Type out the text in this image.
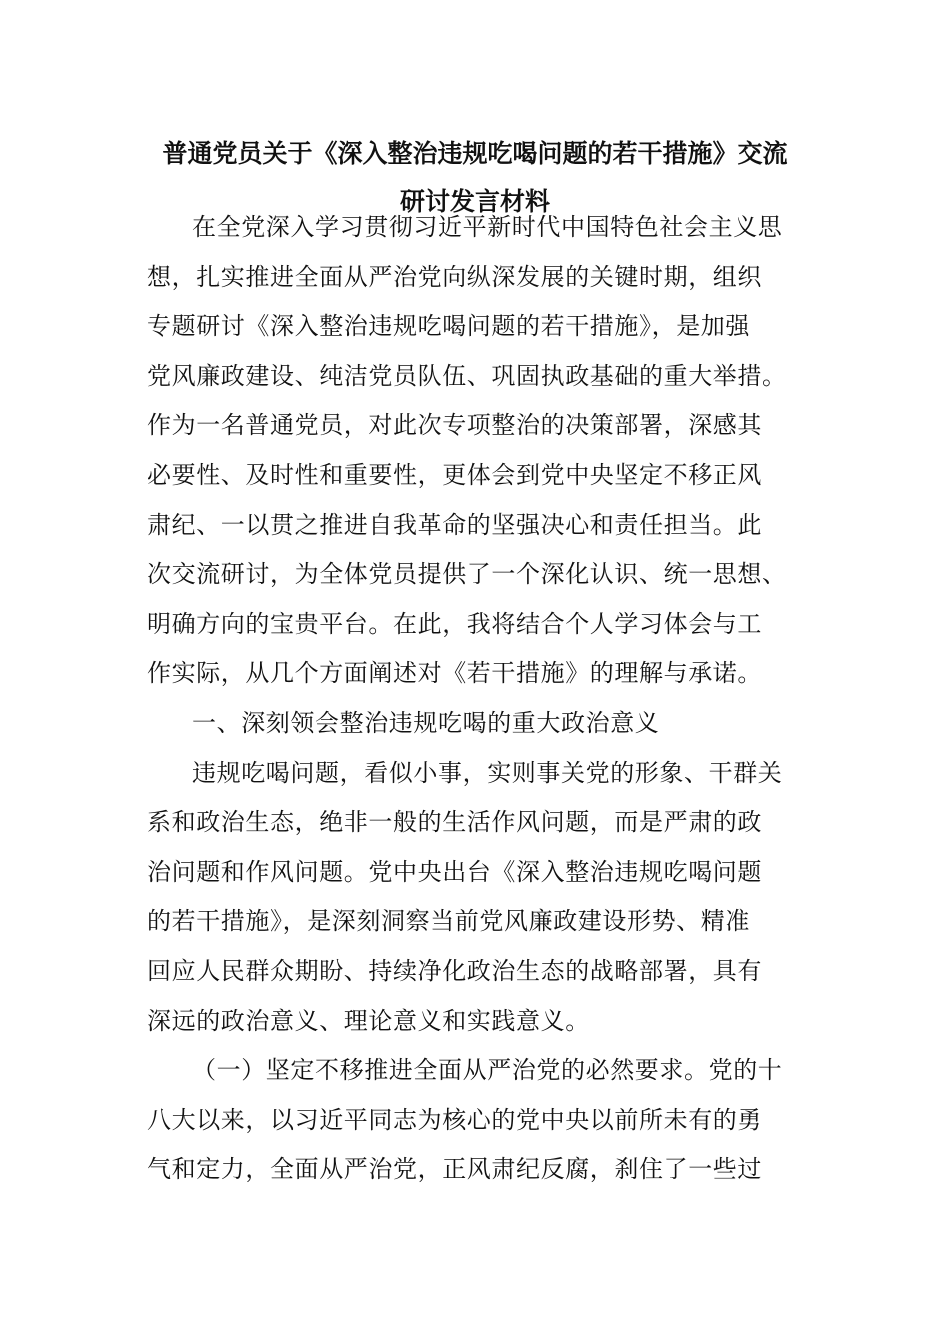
普通党员关于《深入整治违规吃喝问题的若干措施》交流
研讨发言材料
在全党深入学习贯彻习近平新时代中国特色社会主义思
想，扎实推进全面从严治党向纵深发展的关键时期，组织
专题研讨《深入整治违规吃喝问题的若干措施》，是加强
党风廉政建设、纯洁党员队伍、巩固执政基础的重大举措。
作为一名普通党员，对此次专项整治的决策部署，深感其
必要性、及时性和重要性，更体会到党中央坚定不移正风
肃纪、一以贯之推进自我革命的坚强决心和责任担当。此
次交流研讨，为全体党员提供了一个深化认识、统一思想、
明确方向的宝贵平台。在此，我将结合个人学习体会与工
作实际，从几个方面阐述对《若干措施》的理解与承诺。
一、深刻领会整治违规吃喝的重大政治意义
违规吃喝问题，看似小事，实则事关党的形象、干群关
系和政治生态，绝非一般的生活作风问题，而是严肃的政
治问题和作风问题。党中央出台《深入整治违规吃喝问题
的若干措施》，是深刻洞察当前党风廉政建设形势、精准
回应人民群众期盼、持续净化政治生态的战略部署，具有
深远的政治意义、理论意义和实践意义。
（一）坚定不移推进全面从严治党的必然要求。党的十
八大以来，以习近平同志为核心的党中央以前所未有的勇
气和定力，全面从严治党，正风肃纪反腐，刹住了一些过
